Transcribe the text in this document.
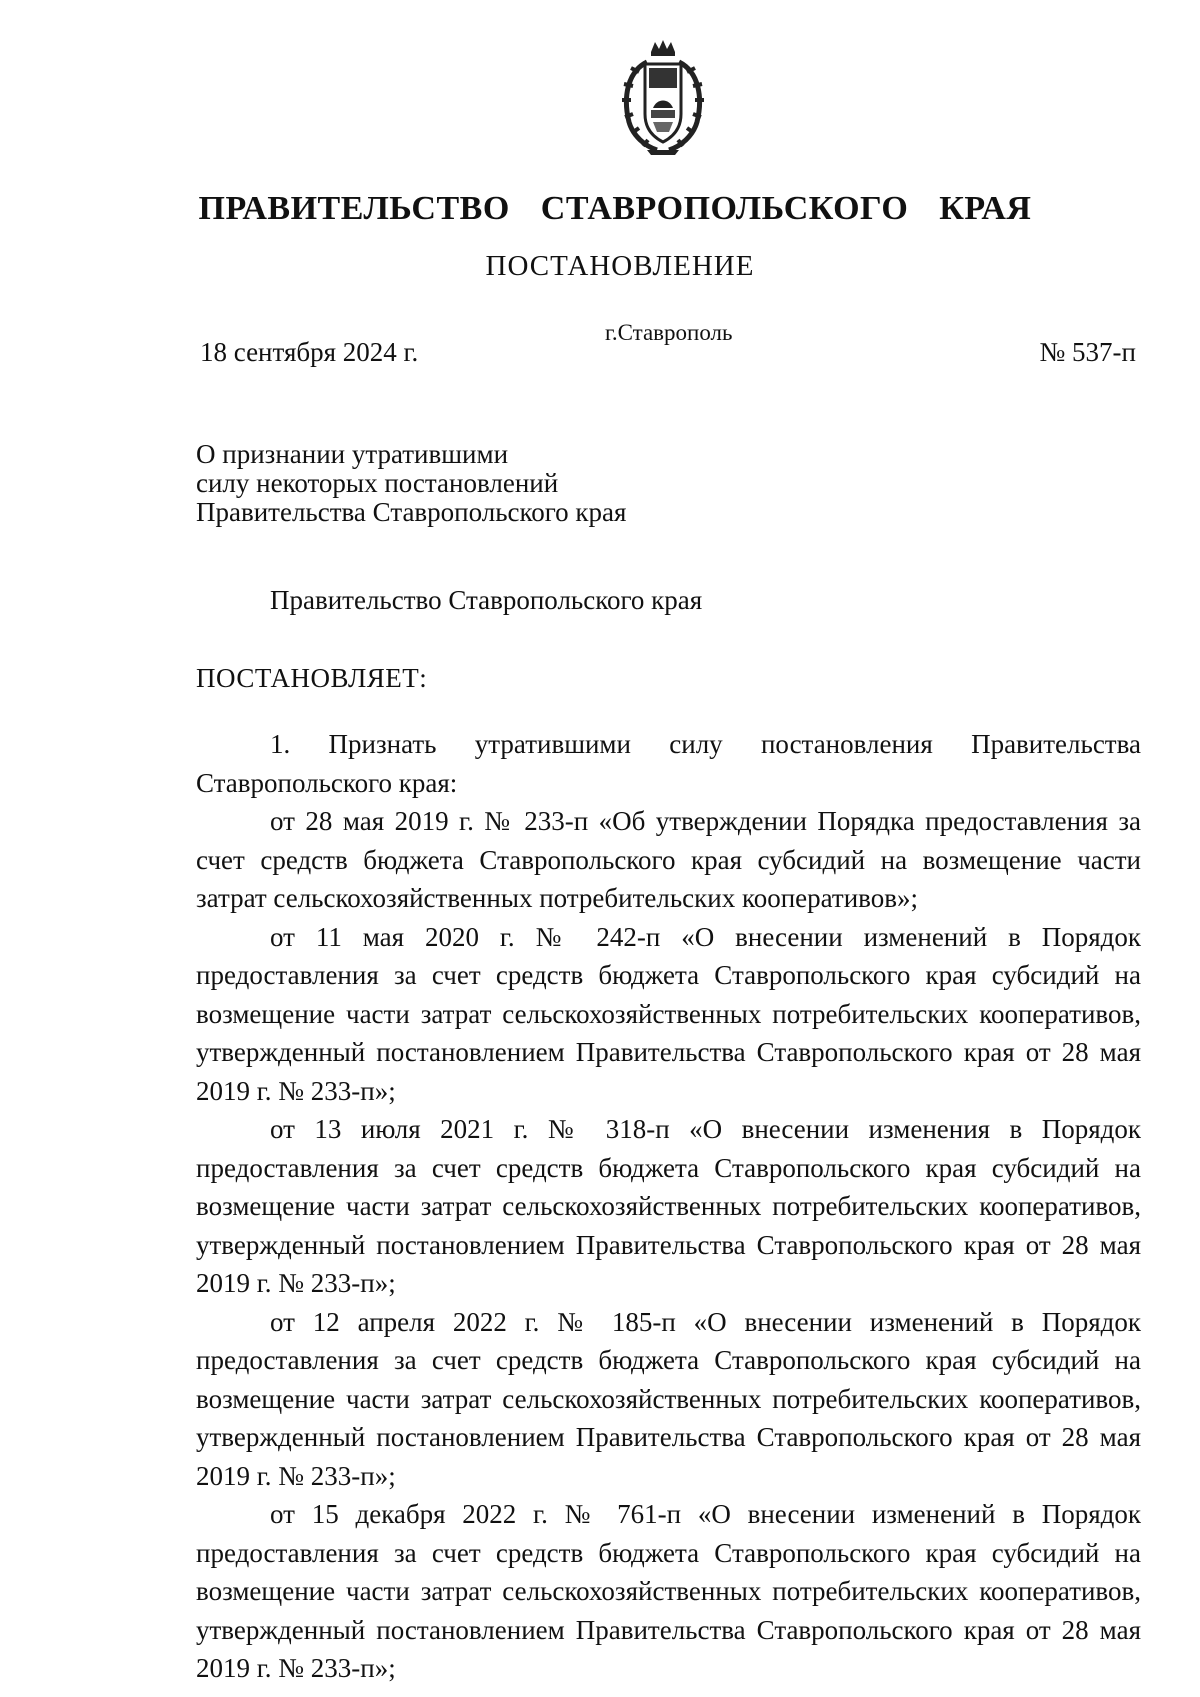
ПРАВИТЕЛЬСТВО СТАВРОПОЛЬСКОГО КРАЯ
ПОСТАНОВЛЕНИЕ
18 сентября 2024 г.
г.Ставрополь
№ 537-п
О признании утратившими
силу некоторых постановлений
Правительства Ставропольского края
Правительство Ставропольского края
ПОСТАНОВЛЯЕТ:

1. Признать утратившими силу постановления Правительства Ставропольского края:

от 28 мая 2019 г. № 233-п «Об утверждении Порядка предоставления за счет средств бюджета Ставропольского края субсидий на возмещение части затрат сельскохозяйственных потребительских кооперативов»;

от 11 мая 2020 г. № 242-п «О внесении изменений в Порядок предоставления за счет средств бюджета Ставропольского края субсидий на возмещение части затрат сельскохозяйственных потребительских кооперативов, утвержденный постановлением Правительства Ставропольского края от 28 мая 2019 г. № 233-п»;

от 13 июля 2021 г. № 318-п «О внесении изменения в Порядок предоставления за счет средств бюджета Ставропольского края субсидий на возмещение части затрат сельскохозяйственных потребительских кооперативов, утвержденный постановлением Правительства Ставропольского края от 28 мая 2019 г. № 233-п»;

от 12 апреля 2022 г. № 185-п «О внесении изменений в Порядок предоставления за счет средств бюджета Ставропольского края субсидий на возмещение части затрат сельскохозяйственных потребительских кооперативов, утвержденный постановлением Правительства Ставропольского края от 28 мая 2019 г. № 233-п»;

от 15 декабря 2022 г. № 761-п «О внесении изменений в Порядок предоставления за счет средств бюджета Ставропольского края субсидий на возмещение части затрат сельскохозяйственных потребительских кооперативов, утвержденный постановлением Правительства Ставропольского края от 28 мая 2019 г. № 233-п»;
